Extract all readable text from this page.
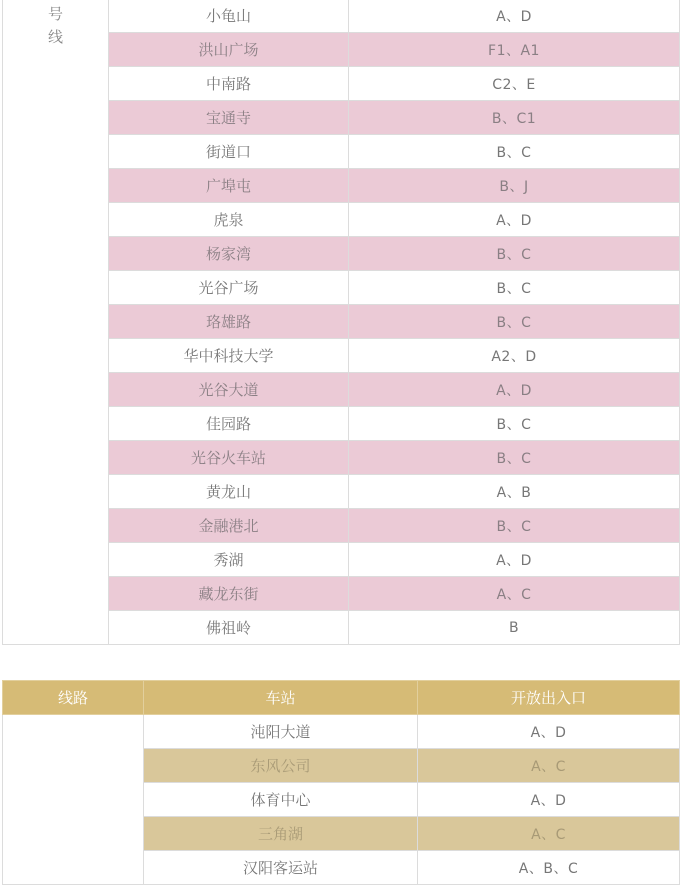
号
线	小龟山	A、D
	洪山广场	F1、A1
	中南路	C2、E
	宝通寺	B、C1
	街道口	B、C
	广埠屯	B、J
	虎泉	A、D
	杨家湾	B、C
	光谷广场	B、C
	珞雄路	B、C
	华中科技大学	A2、D
	光谷大道	A、D
	佳园路	B、C
	光谷火车站	B、C
	黄龙山	A、B
	金融港北	B、C
	秀湖	A、D
	藏龙东街	A、C
	佛祖岭	B
线路	车站	开放出入口
	沌阳大道	A、D
	东风公司	A、C
	体育中心	A、D
	三角湖	A、C
	汉阳客运站	A、B、C
